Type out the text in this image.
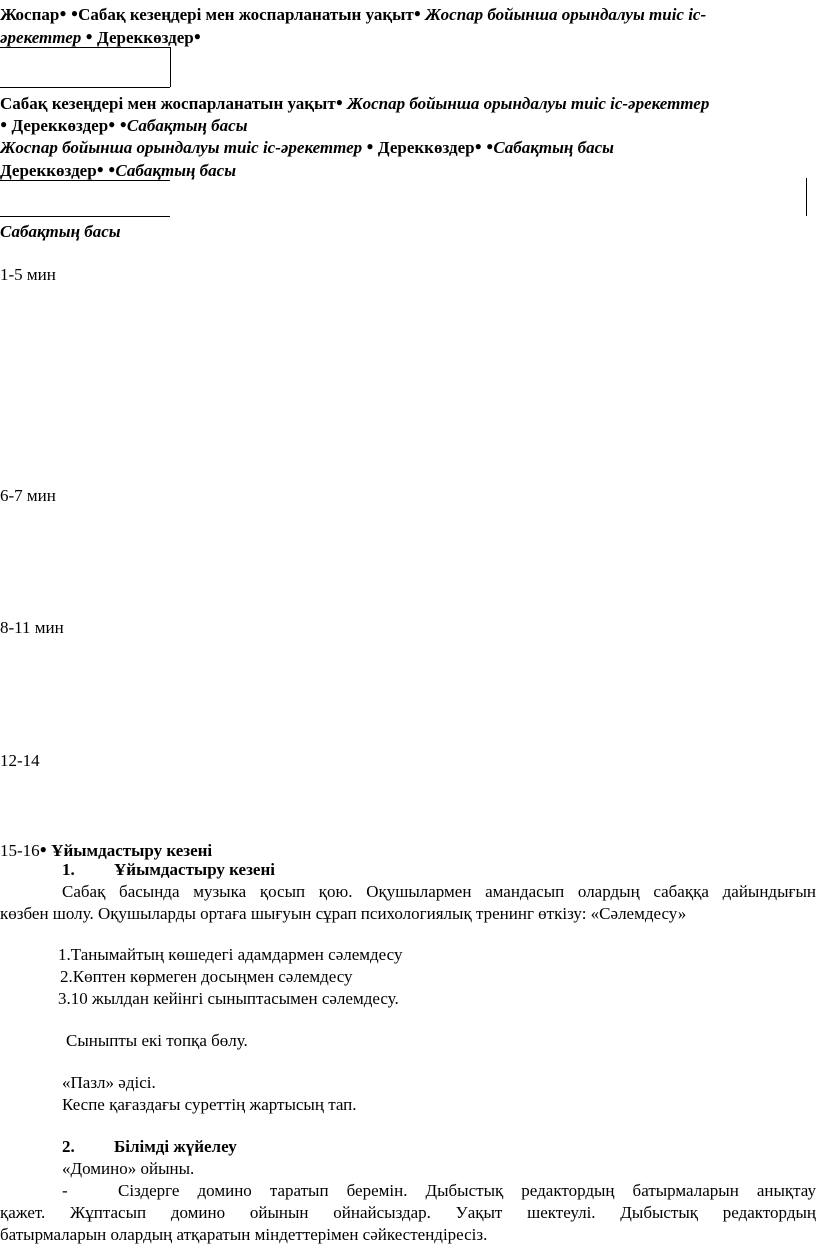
Жоспар● ●Сабақ кезеңдері мен жоспарланатын уақыт● Жоспар бойынша орындалуы тиіс іс-
әрекеттер ● Дереккөздер●
Сабақ кезеңдері мен жоспарланатын уақыт● Жоспар бойынша орындалуы тиіс іс-әрекеттер
● Дереккөздер● ●Сабақтың басы
Жоспар бойынша орындалуы тиіс іс-әрекеттер ● Дереккөздер● ●Сабақтың басы
Дереккөздер● ●Сабақтың басы
Сабақтың басы
1-5 мин
6-7 мин
8-11 мин
12-14
15-16● Ұйымдастыру кезені
1. Ұйымдастыру кезені
Сабақ басында музыка қосып қою. Оқушылармен амандасып олардың сабаққа дайындығын
көзбен шолу. Оқушыларды ортаға шығуын сұрап психологиялық тренинг өткізу: «Сәлемдесу»
1.Танымайтың көшедегі адамдармен сәлемдесу
2.Көптен көрмеген досыңмен сәлемдесу
3.10 жылдан кейінгі сыныптасымен сәлемдесу.
Сыныпты екі топқа бөлу.
«Пазл» әдісі.
Кеспе қағаздағы суреттің жартысың тап.
2. Білімді жүйелеу
«Домино» ойыны.
-	Сіздерге домино таратып беремін. Дыбыстық редактордың батырмаларын анықтау
қажет. Жұптасып домино ойынын ойнайсыздар. Уақыт шектеулі. Дыбыстық редактордың
батырмаларын олардың атқаратын міндеттерімен сәйкестендіресіз.
